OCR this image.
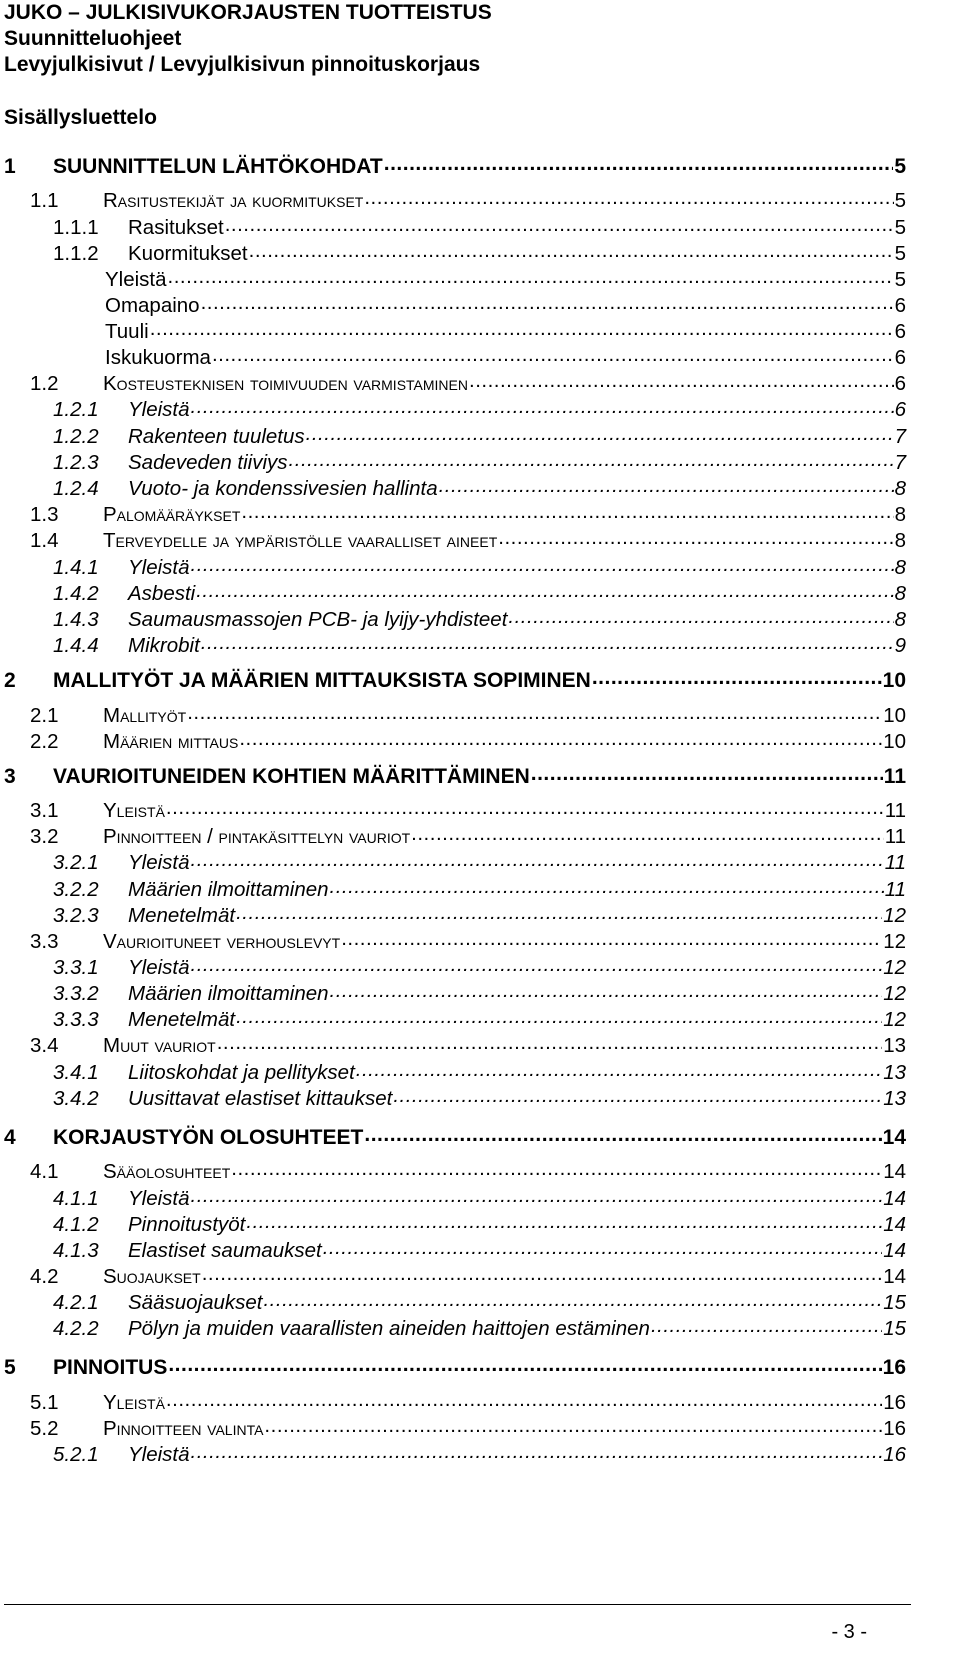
JUKO – JULKISIVUKORJAUSTEN TUOTTEISTUS
Suunnitteluohjeet
Levyjulkisivut / Levyjulkisivun pinnoituskorjaus
Sisällysluettelo
1	SUUNNITTELUN LÄHTÖKOHDAT .....	5
1.1	Rasitustekijät ja kuormitukset .....	5
1.1.1	Rasitukset .....	5
1.1.2	Kuormitukset .....	5
Yleistä .....	5
Omapaino .....	6
Tuuli .....	6
Iskukuorma .....	6
1.2	Kosteusteknisen toimivuuden varmistaminen .....	6
1.2.1	Yleistä .....	6
1.2.2	Rakenteen tuuletus .....	7
1.2.3	Sadeveden tiiviys .....	7
1.2.4	Vuoto- ja kondenssivesien hallinta .....	8
1.3	Palomääräykset .....	8
1.4	Terveydelle ja ympäristölle vaaralliset aineet .....	8
1.4.1	Yleistä .....	8
1.4.2	Asbesti .....	8
1.4.3	Saumausmassojen PCB- ja lyijy-yhdisteet .....	8
1.4.4	Mikrobit .....	9
2	MALLITYÖT JA MÄÄRIEN MITTAUKSISTA SOPIMINEN .....	10
2.1	Mallityöt .....	10
2.2	Määrien mittaus .....	10
3	VAURIOITUNEIDEN KOHTIEN MÄÄRITTÄMINEN .....	11
3.1	Yleistä .....	11
3.2	Pinnoitteen / pintakäsittelyn vauriot .....	11
3.2.1	Yleistä .....	11
3.2.2	Määrien ilmoittaminen .....	11
3.2.3	Menetelmät .....	12
3.3	Vaurioituneet verhouslevyt .....	12
3.3.1	Yleistä .....	12
3.3.2	Määrien ilmoittaminen .....	12
3.3.3	Menetelmät .....	12
3.4	Muut vauriot .....	13
3.4.1	Liitoskohdat ja pellitykset .....	13
3.4.2	Uusittavat elastiset kittaukset .....	13
4	KORJAUSTYÖN OLOSUHTEET .....	14
4.1	Sääolosuhteet .....	14
4.1.1	Yleistä .....	14
4.1.2	Pinnoitustyöt .....	14
4.1.3	Elastiset saumaukset .....	14
4.2	Suojaukset .....	14
4.2.1	Sääsuojaukset .....	15
4.2.2	Pölyn ja muiden vaarallisten aineiden haittojen estäminen .....	15
5	PINNOITUS .....	16
5.1	Yleistä .....	16
5.2	Pinnoitteen valinta .....	16
5.2.1	Yleistä .....	16
- 3 -
